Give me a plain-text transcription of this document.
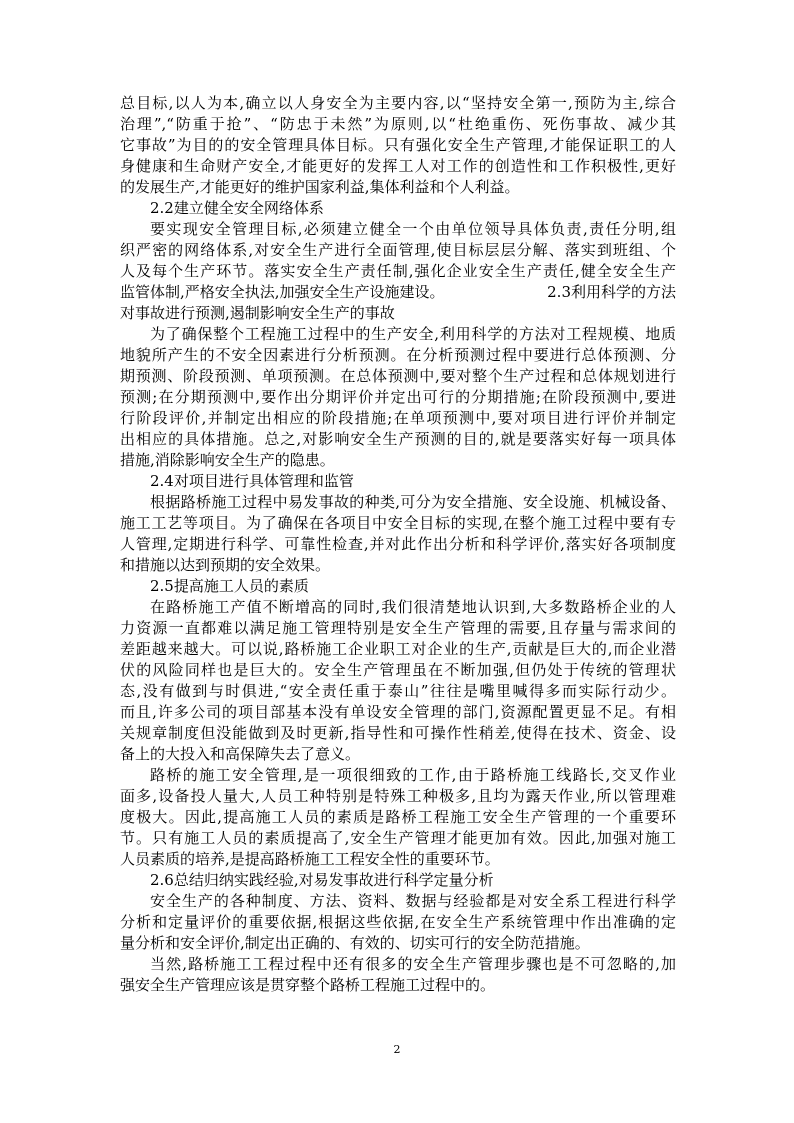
总目标,以人为本,确立以人身安全为主要内容,以“坚持安全第一,预防为主,综合
治理”,“防重于抢”、“防忠于未然”为原则,以“杜绝重伤、死伤事故、减少其
它事故”为目的的安全管理具体目标。只有强化安全生产管理,才能保证职工的人
身健康和生命财产安全,才能更好的发挥工人对工作的创造性和工作积极性,更好
的发展生产,才能更好的维护国家利益,集体利益和个人利益。
2.2建立健全安全网络体系
要实现安全管理目标,必须建立健全一个由单位领导具体负责,责任分明,组
织严密的网络体系,对安全生产进行全面管理,使目标层层分解、落实到班组、个
人及每个生产环节。落实安全生产责任制,强化企业安全生产责任,健全安全生产
监管体制,严格安全执法,加强安全生产设施建设。	2.3利用科学的方法
对事故进行预测,遏制影响安全生产的事故
为了确保整个工程施工过程中的生产安全,利用科学的方法对工程规模、地质
地貌所产生的不安全因素进行分析预测。在分析预测过程中要进行总体预测、分
期预测、阶段预测、单项预测。在总体预测中,要对整个生产过程和总体规划进行
预测;在分期预测中,要作出分期评价并定出可行的分期措施;在阶段预测中,要进
行阶段评价,并制定出相应的阶段措施;在单项预测中,要对项目进行评价并制定
出相应的具体措施。总之,对影响安全生产预测的目的,就是要落实好每一项具体
措施,消除影响安全生产的隐患。
2.4对项目进行具体管理和监管
根据路桥施工过程中易发事故的种类,可分为安全措施、安全设施、机械设备、
施工工艺等项目。为了确保在各项目中安全目标的实现,在整个施工过程中要有专
人管理,定期进行科学、可靠性检查,并对此作出分析和科学评价,落实好各项制度
和措施以达到预期的安全效果。
2.5提高施工人员的素质
在路桥施工产值不断增高的同时,我们很清楚地认识到,大多数路桥企业的人
力资源一直都难以满足施工管理特别是安全生产管理的需要,且存量与需求间的
差距越来越大。可以说,路桥施工企业职工对企业的生产,贡献是巨大的,而企业潜
伏的风险同样也是巨大的。安全生产管理虽在不断加强,但仍处于传统的管理状
态,没有做到与时俱进,“安全责任重于泰山”往往是嘴里喊得多而实际行动少。
而且,许多公司的项目部基本没有单设安全管理的部门,资源配置更显不足。有相
关规章制度但没能做到及时更新,指导性和可操作性稍差,使得在技术、资金、设
备上的大投入和高保障失去了意义。
路桥的施工安全管理,是一项很细致的工作,由于路桥施工线路长,交叉作业
面多,设备投人量大,人员工种特别是特殊工种极多,且均为露天作业,所以管理难
度极大。因此,提高施工人员的素质是路桥工程施工安全生产管理的一个重要环
节。只有施工人员的素质提高了,安全生产管理才能更加有效。因此,加强对施工
人员素质的培养,是提高路桥施工工程安全性的重要环节。
2.6总结归纳实践经验,对易发事故进行科学定量分析
安全生产的各种制度、方法、资料、数据与经验都是对安全系工程进行科学
分析和定量评价的重要依据,根据这些依据,在安全生产系统管理中作出准确的定
量分析和安全评价,制定出正确的、有效的、切实可行的安全防范措施。
当然,路桥施工工程过程中还有很多的安全生产管理步骤也是不可忽略的,加
强安全生产管理应该是贯穿整个路桥工程施工过程中的。
2
